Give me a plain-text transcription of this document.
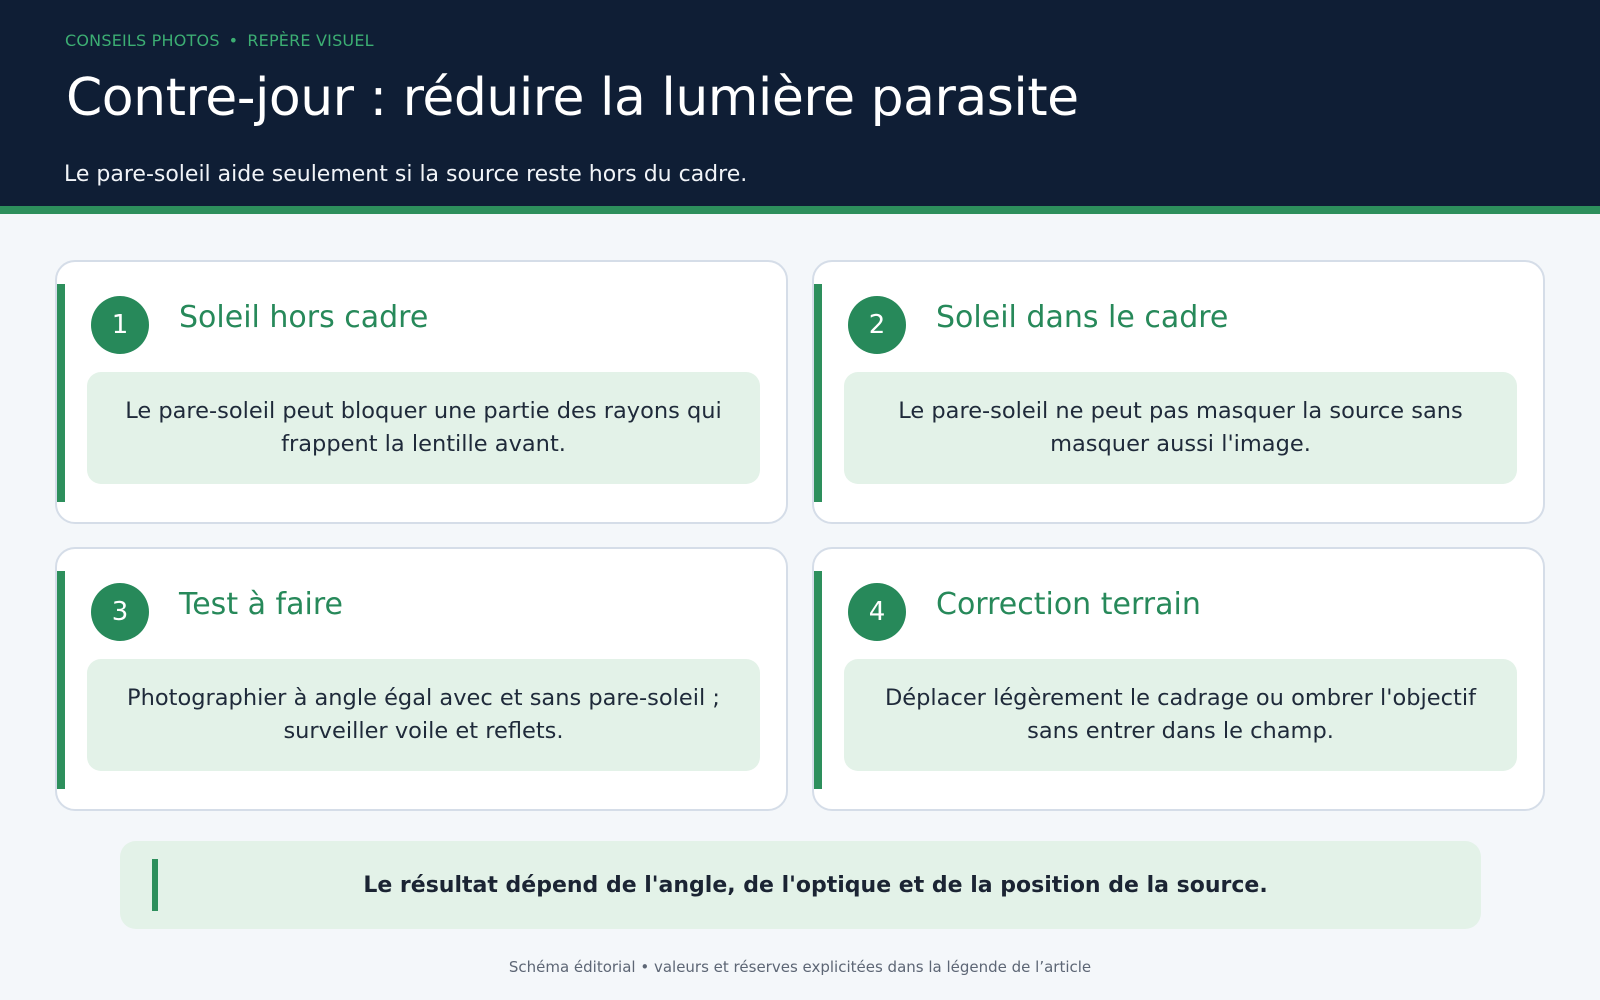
CONSEILS PHOTOS • REPÈRE VISUEL
Contre-jour : réduire la lumière parasite

Le pare-soleil aide seulement si la source reste hors du cadre.

1	Soleil hors cadre
Le pare-soleil peut bloquer une partie des rayons qui frappent la lentille avant.
2	Soleil dans le cadre
Le pare-soleil ne peut pas masquer la source sans masquer aussi l'image.
3	Test à faire
Photographier à angle égal avec et sans pare-soleil ; surveiller voile et reflets.
4	Correction terrain
Déplacer légèrement le cadrage ou ombrer l'objectif sans entrer dans le champ.
Le résultat dépend de l'angle, de l'optique et de la position de la source.
Schéma éditorial • valeurs et réserves explicitées dans la légende de l’article
